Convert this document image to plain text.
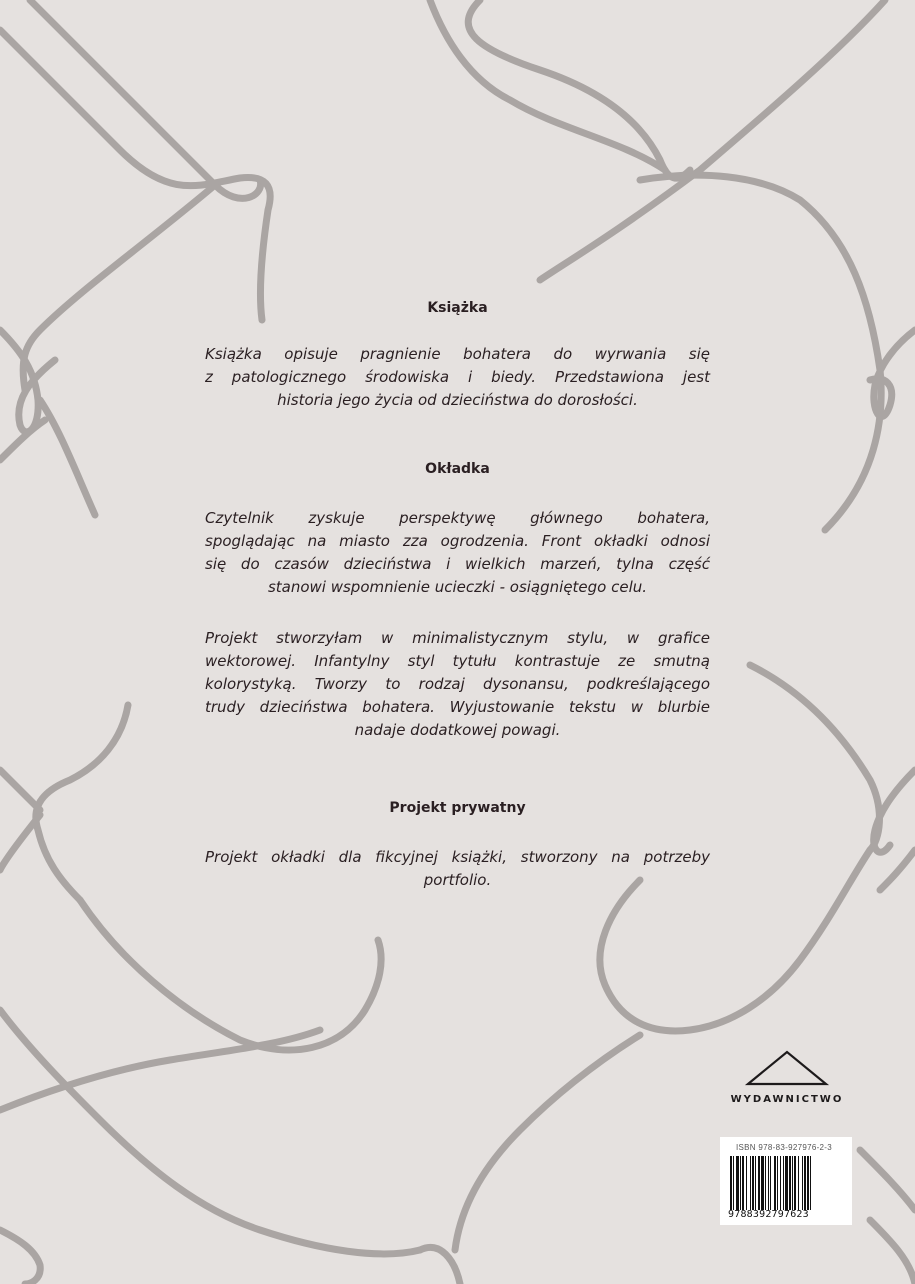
Książka
Książka opisuje pragnienie bohatera do wyrwania się
z patologicznego środowiska i biedy. Przedstawiona jest
historia jego życia od dzieciństwa do dorosłości.
Okładka
Czytelnik zyskuje perspektywę głównego bohatera,
spoglądając na miasto zza ogrodzenia. Front okładki odnosi
się do czasów dzieciństwa i wielkich marzeń, tylna część
stanowi wspomnienie ucieczki - osiągniętego celu.
Projekt stworzyłam w minimalistycznym stylu, w grafice
wektorowej. Infantylny styl tytułu kontrastuje ze smutną
kolorystyką. Tworzy to rodzaj dysonansu, podkreślającego
trudy dzieciństwa bohatera. Wyjustowanie tekstu w blurbie
nadaje dodatkowej powagi.
Projekt prywatny
Projekt okładki dla fikcyjnej książki, stworzony na potrzeby
portfolio.
WYDAWNICTWO
ISBN 978-83-927976-2-3
9788392797623
